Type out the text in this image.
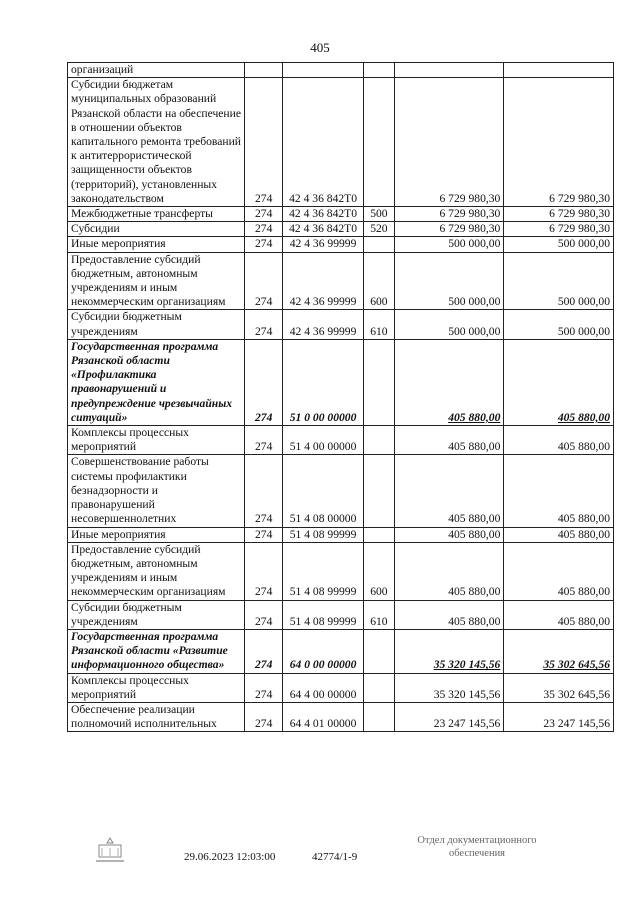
405
организаций					
Субсидии бюджетам муниципальных образований Рязанской области на обеспечение в отношении объектов капитального ремонта требований к антитеррористической защищенности объектов (территорий), установленных законодательством	274	42 4 36 842T0		6 729 980,30	6 729 980,30
Межбюджетные трансферты	274	42 4 36 842T0	500	6 729 980,30	6 729 980,30
Субсидии	274	42 4 36 842T0	520	6 729 980,30	6 729 980,30
Иные мероприятия	274	42 4 36 99999		500 000,00	500 000,00
Предоставление субсидий бюджетным, автономным учреждениям и иным некоммерческим организациям	274	42 4 36 99999	600	500 000,00	500 000,00
Субсидии бюджетным учреждениям	274	42 4 36 99999	610	500 000,00	500 000,00
Государственная программа Рязанской области «Профилактика правонарушений и предупреждение чрезвычайных ситуаций»	274	51 0 00 00000		405 880,00	405 880,00
Комплексы процессных мероприятий	274	51 4 00 00000		405 880,00	405 880,00
Совершенствование работы системы профилактики безнадзорности и правонарушений несовершеннолетних	274	51 4 08 00000		405 880,00	405 880,00
Иные мероприятия	274	51 4 08 99999		405 880,00	405 880,00
Предоставление субсидий бюджетным, автономным учреждениям и иным некоммерческим организациям	274	51 4 08 99999	600	405 880,00	405 880,00
Субсидии бюджетным учреждениям	274	51 4 08 99999	610	405 880,00	405 880,00
Государственная программа Рязанской области «Развитие информационного общества»	274	64 0 00 00000		35 320 145,56	35 302 645,56
Комплексы процессных мероприятий	274	64 4 00 00000		35 320 145,56	35 302 645,56
Обеспечение реализации полномочий исполнительных	274	64 4 01 00000		23 247 145,56	23 247 145,56
29.06.2023 12:03:00	42774/1-9
Отдел документационного
обеспечения
